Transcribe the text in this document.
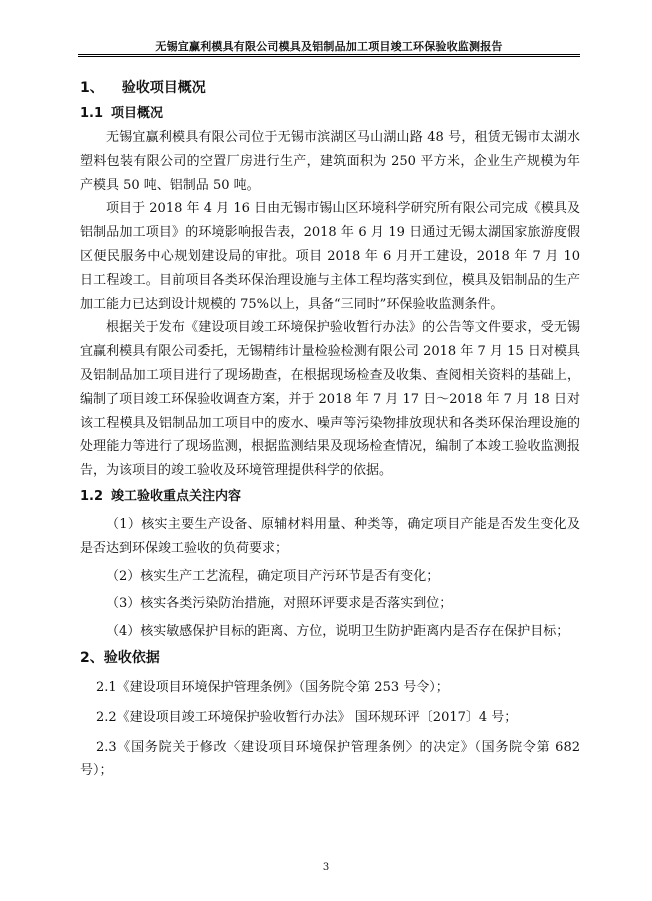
无锡宜赢利模具有限公司模具及铝制品加工项目竣工环保验收监测报告
1、 验收项目概况
1.1 项目概况

无锡宜赢利模具有限公司位于无锡市滨湖区马山湖山路 48 号，租赁无锡市太湖水塑料包装有限公司的空置厂房进行生产，建筑面积为 250 平方米，企业生产规模为年产模具 50 吨、铝制品 50 吨。

项目于 2018 年 4 月 16 日由无锡市锡山区环境科学研究所有限公司完成《模具及铝制品加工项目》的环境影响报告表，2018 年 6 月 19 日通过无锡太湖国家旅游度假区便民服务中心规划建设局的审批。项目 2018 年 6 月开工建设，2018 年 7 月 10 日工程竣工。目前项目各类环保治理设施与主体工程均落实到位，模具及铝制品的生产加工能力已达到设计规模的 75%以上，具备“三同时”环保验收监测条件。

根据关于发布《建设项目竣工环境保护验收暂行办法》的公告等文件要求，受无锡宜赢利模具有限公司委托，无锡精纬计量检验检测有限公司 2018 年 7 月 15 日对模具及铝制品加工项目进行了现场勘查，在根据现场检查及收集、查阅相关资料的基础上，编制了项目竣工环保验收调查方案，并于 2018 年 7 月 17 日～2018 年 7 月 18 日对该工程模具及铝制品加工项目中的废水、噪声等污染物排放现状和各类环保治理设施的处理能力等进行了现场监测，根据监测结果及现场检查情况，编制了本竣工验收监测报告，为该项目的竣工验收及环境管理提供科学的依据。

1.2 竣工验收重点关注内容

（1）核实主要生产设备、原辅材料用量、种类等，确定项目产能是否发生变化及是否达到环保竣工验收的负荷要求；

（2）核实生产工艺流程，确定项目产污环节是否有变化；

（3）核实各类污染防治措施，对照环评要求是否落实到位；

（4）核实敏感保护目标的距离、方位，说明卫生防护距离内是否存在保护目标；

2、验收依据

2.1《建设项目环境保护管理条例》（国务院令第 253 号令）；

2.2《建设项目竣工环境保护验收暂行办法》 国环规环评〔2017〕4 号；

2.3《国务院关于修改〈建设项目环境保护管理条例〉的决定》（国务院令第 682 号）；

3
